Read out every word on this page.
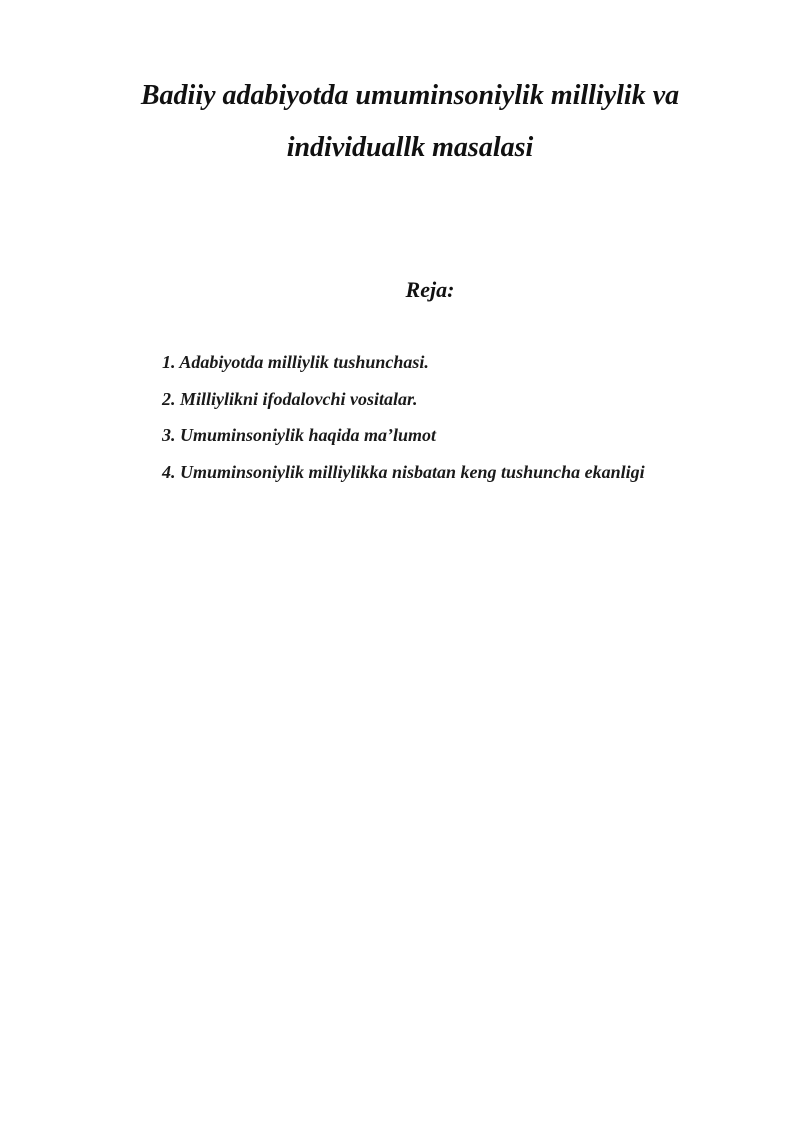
Badiiy adabiyotda umuminsoniylik milliylik va
individuallk masalasi
Reja:
1. Adabiyotda milliylik tushunchasi.
2. Milliylikni ifodalovchi vositalar.
3. Umuminsoniylik haqida ma’lumot
4. Umuminsoniylik milliylikka nisbatan keng tushuncha ekanligi
